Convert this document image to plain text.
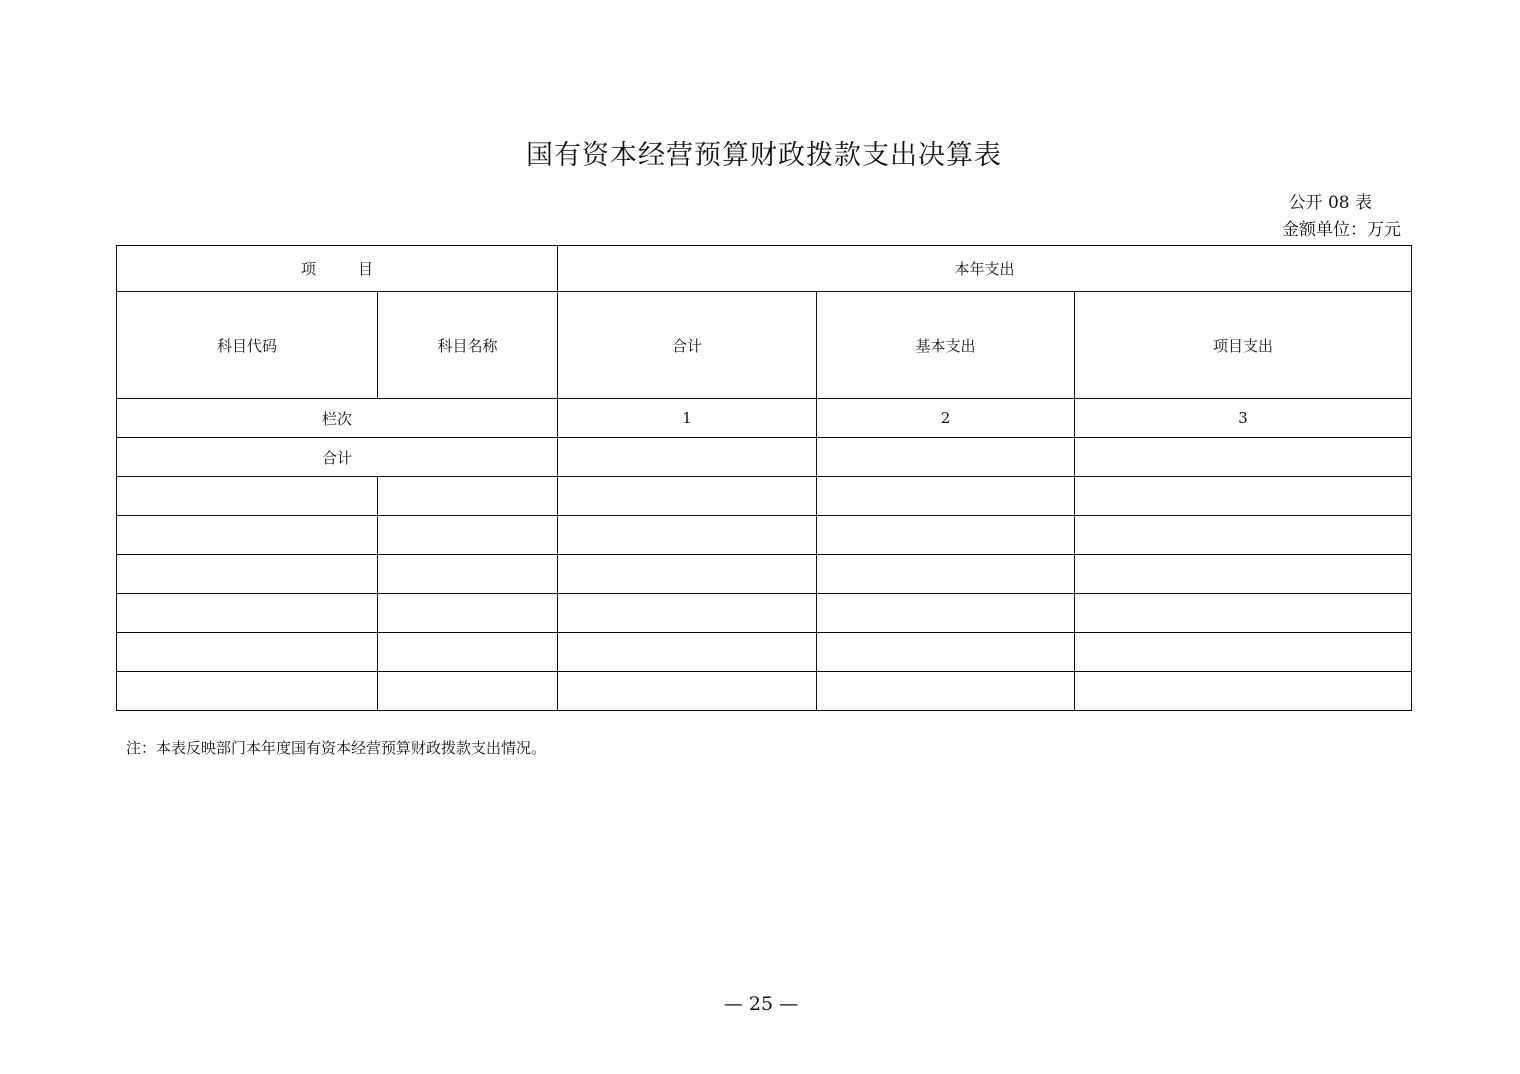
国有资本经营预算财政拨款支出决算表
公开 08 表
金额单位：万元
项 目		本年支出		
科目代码	科目名称	合计	基本支出	项目支出
栏次		1	2	3
合计				

注：本表反映部门本年度国有资本经营预算财政拨款支出情况。
— 25 —
